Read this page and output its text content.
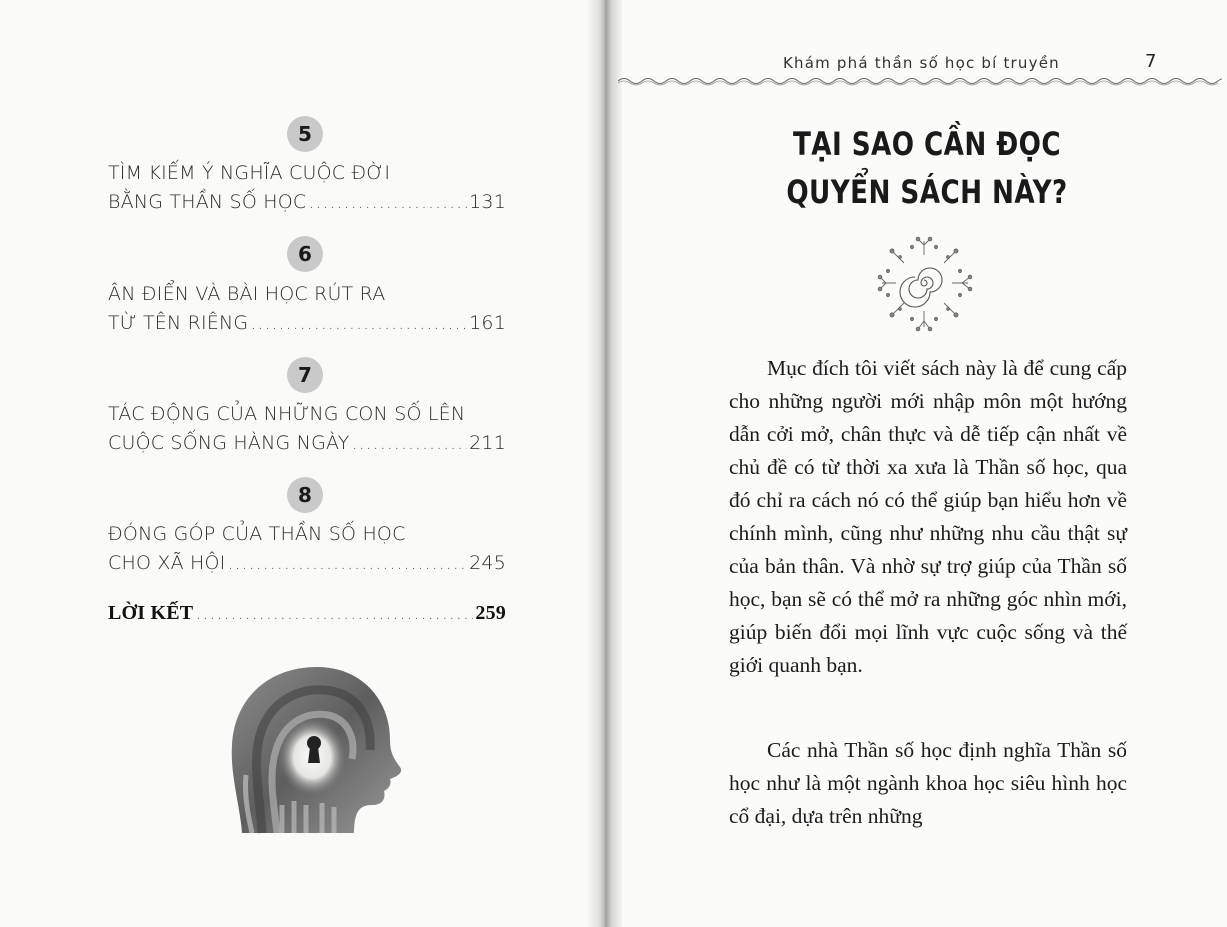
5
TÌM KIẾM Ý NGHĨA CUỘC ĐỜI
BẰNG THẦN SỐ HỌC .....	131
6
ÂN ĐIỂN VÀ BÀI HỌC RÚT RA
TỪ TÊN RIÊNG .....	161
7
TÁC ĐỘNG CỦA NHỮNG CON SỐ LÊN
CUỘC SỐNG HÀNG NGÀY .....	211
8
ĐÓNG GÓP CỦA THẦN SỐ HỌC
CHO XÃ HỘI .....	245
LỜI KẾT .....	259
Khám phá thần số học bí truyền	7
TẠI SAO CẦN ĐỌC
QUYỂN SÁCH NÀY?

Mục đích tôi viết sách này là để cung cấp cho những người mới nhập môn một hướng dẫn cởi mở, chân thực và dễ tiếp cận nhất về chủ đề có từ thời xa xưa là Thần số học, qua đó chỉ ra cách nó có thể giúp bạn hiểu hơn về chính mình, cũng như những nhu cầu thật sự của bản thân. Và nhờ sự trợ giúp của Thần số học, bạn sẽ có thể mở ra những góc nhìn mới, giúp biến đổi mọi lĩnh vực cuộc sống và thế giới quanh bạn.

Các nhà Thần số học định nghĩa Thần số học như là một ngành khoa học siêu hình học cổ đại, dựa trên những
